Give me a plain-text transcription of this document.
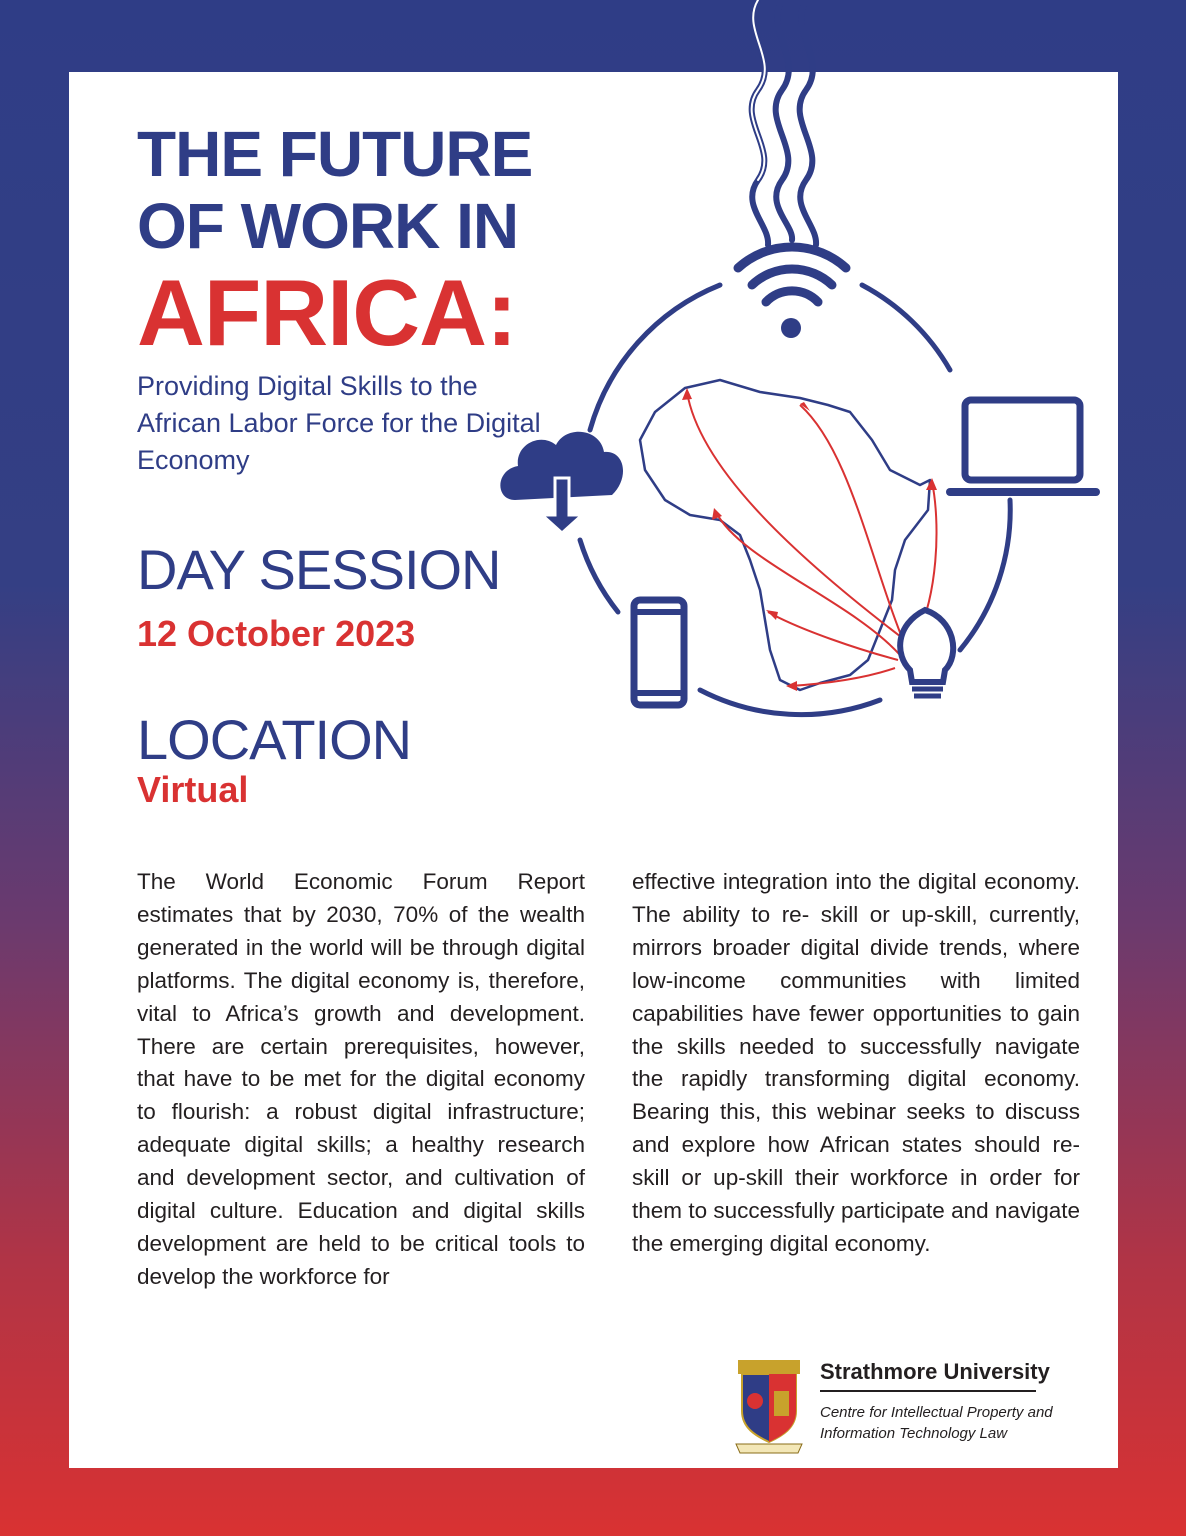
THE FUTURE
OF WORK IN
AFRICA:
Providing Digital Skills to the African Labor Force for the Digital Economy
DAY SESSION
12 October 2023
LOCATION
Virtual
The World Economic Forum Report estimates that by 2030, 70% of the wealth generated in the world will be through digital platforms. The digital economy is, therefore, vital to Africa’s growth and development. There are certain prerequisites, however, that have to be met for the digital economy to flourish: a robust digital infrastructure; adequate digital skills; a healthy research and development sector, and cultivation of digital culture. Education and digital skills development are held to be critical tools to develop the workforce for
effective integration into the digital economy. The ability to re- skill or up-skill, currently, mirrors broader digital divide trends, where low-income communities with limited capabilities have fewer opportunities to gain the skills needed to successfully navigate the rapidly transforming digital economy. Bearing this, this webinar seeks to discuss and explore how African states should re-skill or up-skill their workforce in order for them to successfully participate and navigate the emerging digital economy.
Strathmore University
Centre for Intellectual Property and Information Technology Law
